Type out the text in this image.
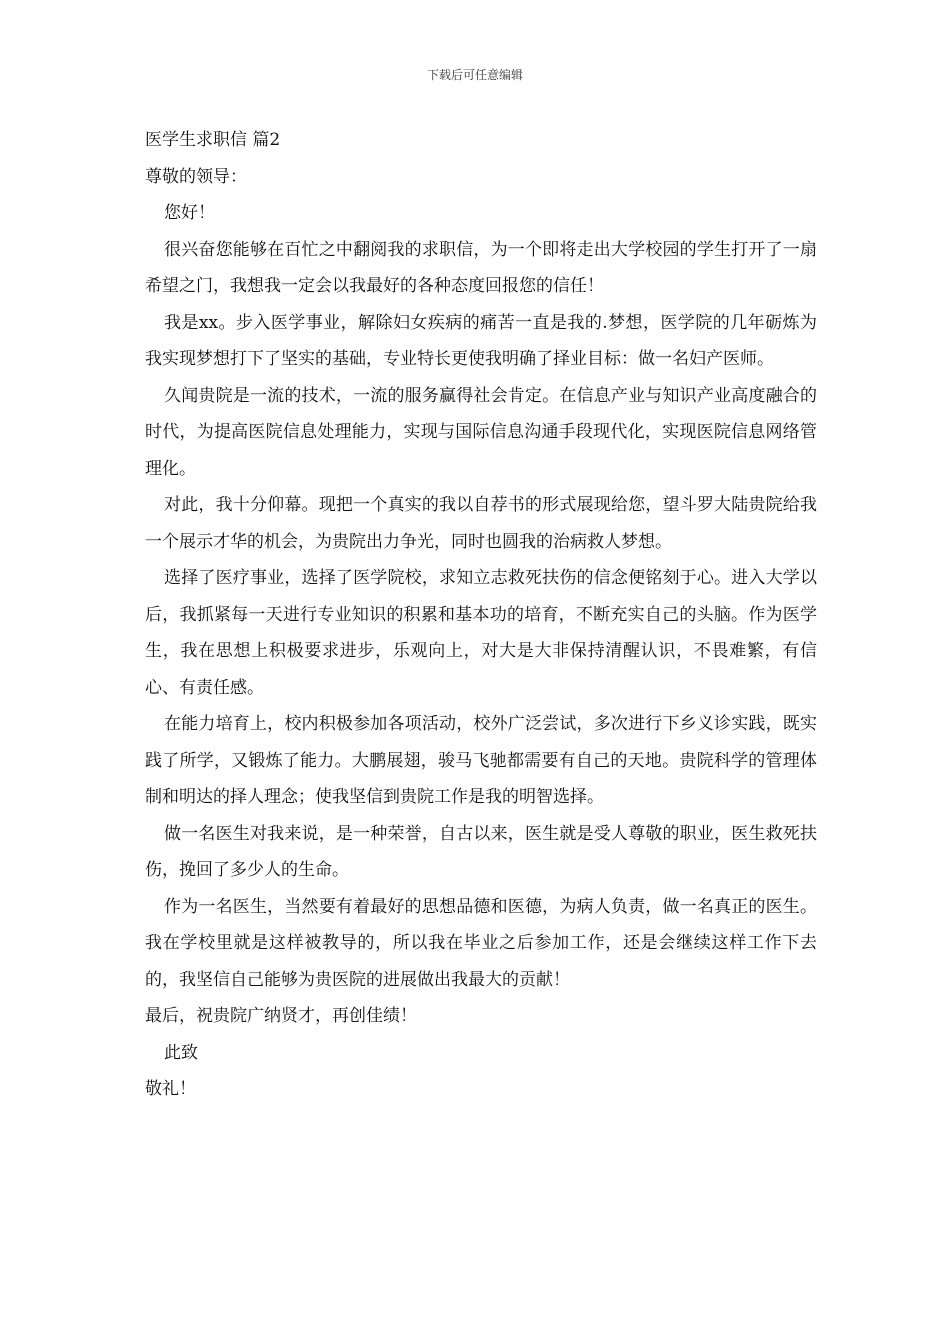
下载后可任意编辑

医学生求职信 篇2

尊敬的领导：

您好！

很兴奋您能够在百忙之中翻阅我的求职信，为一个即将走出大学校园的学生打开了一扇希望之门，我想我一定会以我最好的各种态度回报您的信任！

我是xx。步入医学事业，解除妇女疾病的痛苦一直是我的.梦想，医学院的几年砺炼为我实现梦想打下了坚实的基础，专业特长更使我明确了择业目标：做一名妇产医师。

久闻贵院是一流的技术，一流的服务赢得社会肯定。在信息产业与知识产业高度融合的时代，为提高医院信息处理能力，实现与国际信息沟通手段现代化，实现医院信息网络管理化。

对此，我十分仰幕。现把一个真实的我以自荐书的形式展现给您，望斗罗大陆贵院给我一个展示才华的机会，为贵院出力争光，同时也圆我的治病救人梦想。

选择了医疗事业，选择了医学院校，求知立志救死扶伤的信念便铭刻于心。进入大学以后，我抓紧每一天进行专业知识的积累和基本功的培育，不断充实自己的头脑。作为医学生，我在思想上积极要求进步，乐观向上，对大是大非保持清醒认识，不畏难繁，有信心、有责任感。

在能力培育上，校内积极参加各项活动，校外广泛尝试，多次进行下乡义诊实践，既实践了所学，又锻炼了能力。大鹏展翅，骏马飞驰都需要有自己的天地。贵院科学的管理体制和明达的择人理念；使我坚信到贵院工作是我的明智选择。

做一名医生对我来说，是一种荣誉，自古以来，医生就是受人尊敬的职业，医生救死扶伤，挽回了多少人的生命。

作为一名医生，当然要有着最好的思想品德和医德，为病人负责，做一名真正的医生。我在学校里就是这样被教导的，所以我在毕业之后参加工作，还是会继续这样工作下去的，我坚信自己能够为贵医院的进展做出我最大的贡献！

最后，祝贵院广纳贤才，再创佳绩！

此致

敬礼！
